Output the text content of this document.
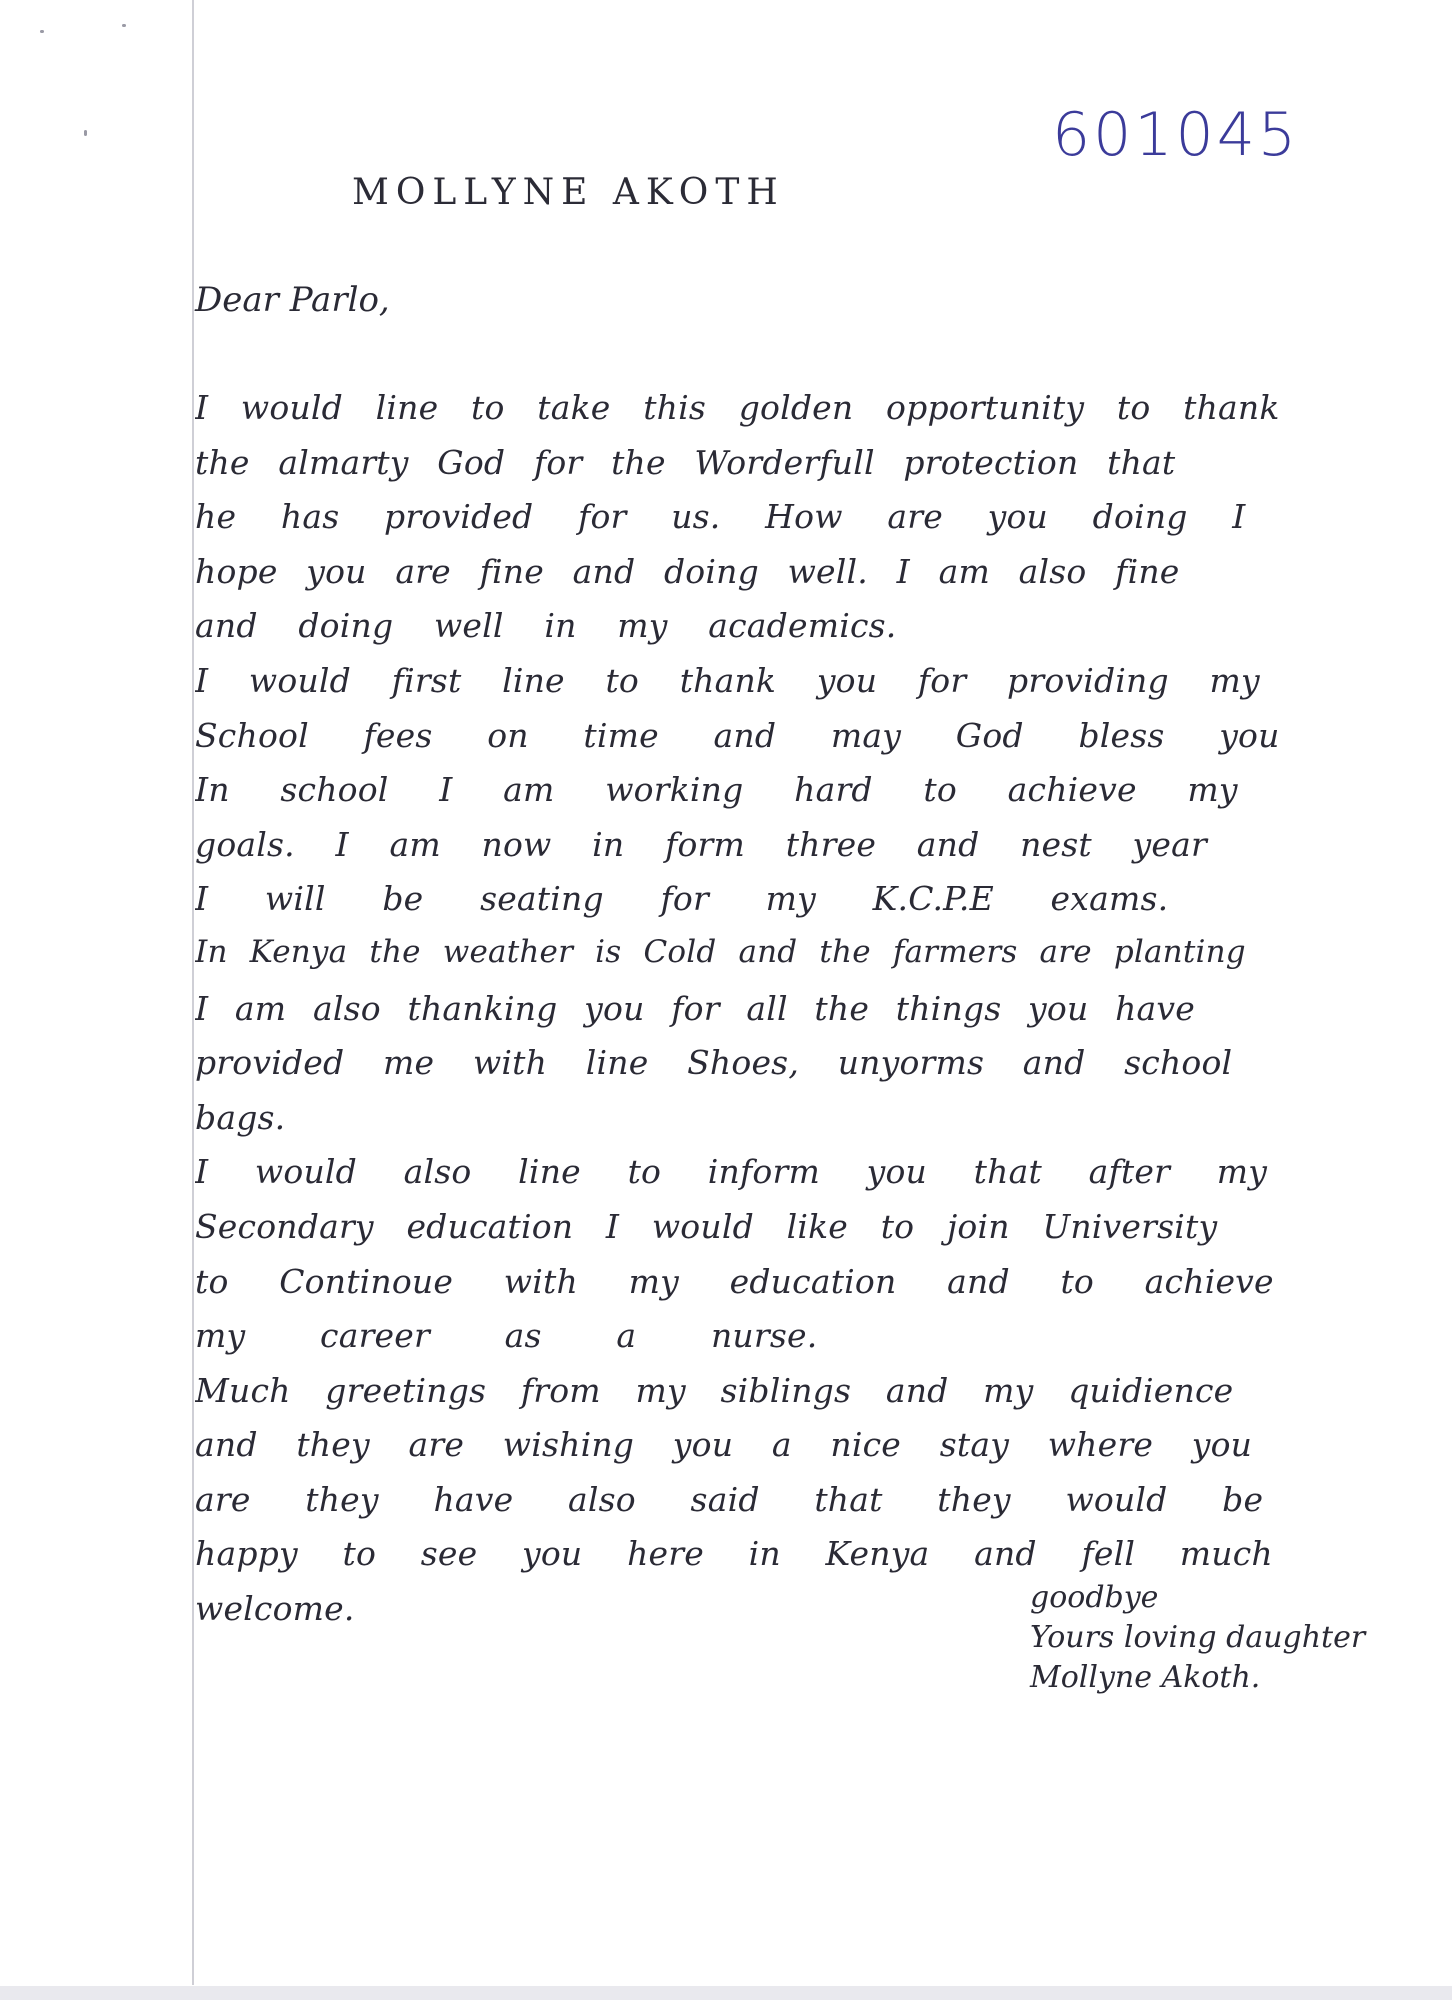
601045
MOLLYNE AKOTH
Dear Parlo,
I would line to take this golden opportunity to thank
the almarty God for the Worderfull protection that
he has provided for us. How are you doing I
hope you are fine and doing well. I am also fine
and doing well in my academics.
I would first line to thank you for providing my
School fees on time and may God bless you
In school I am working hard to achieve my
goals. I am now in form three and nest year
I will be seating for my K.C.P.E exams.
In Kenya the weather is Cold and the farmers are planting
I am also thanking you for all the things you have
provided me with line Shoes, unyorms and school
bags.
I would also line to inform you that after my
Secondary education I would like to join University
to Continoue with my education and to achieve
my career as a nurse.
Much greetings from my siblings and my quidience
and they are wishing you a nice stay where you
are they have also said that they would be
happy to see you here in Kenya and fell much
welcome.	goodbye
Yours loving daughter
Mollyne Akoth.
